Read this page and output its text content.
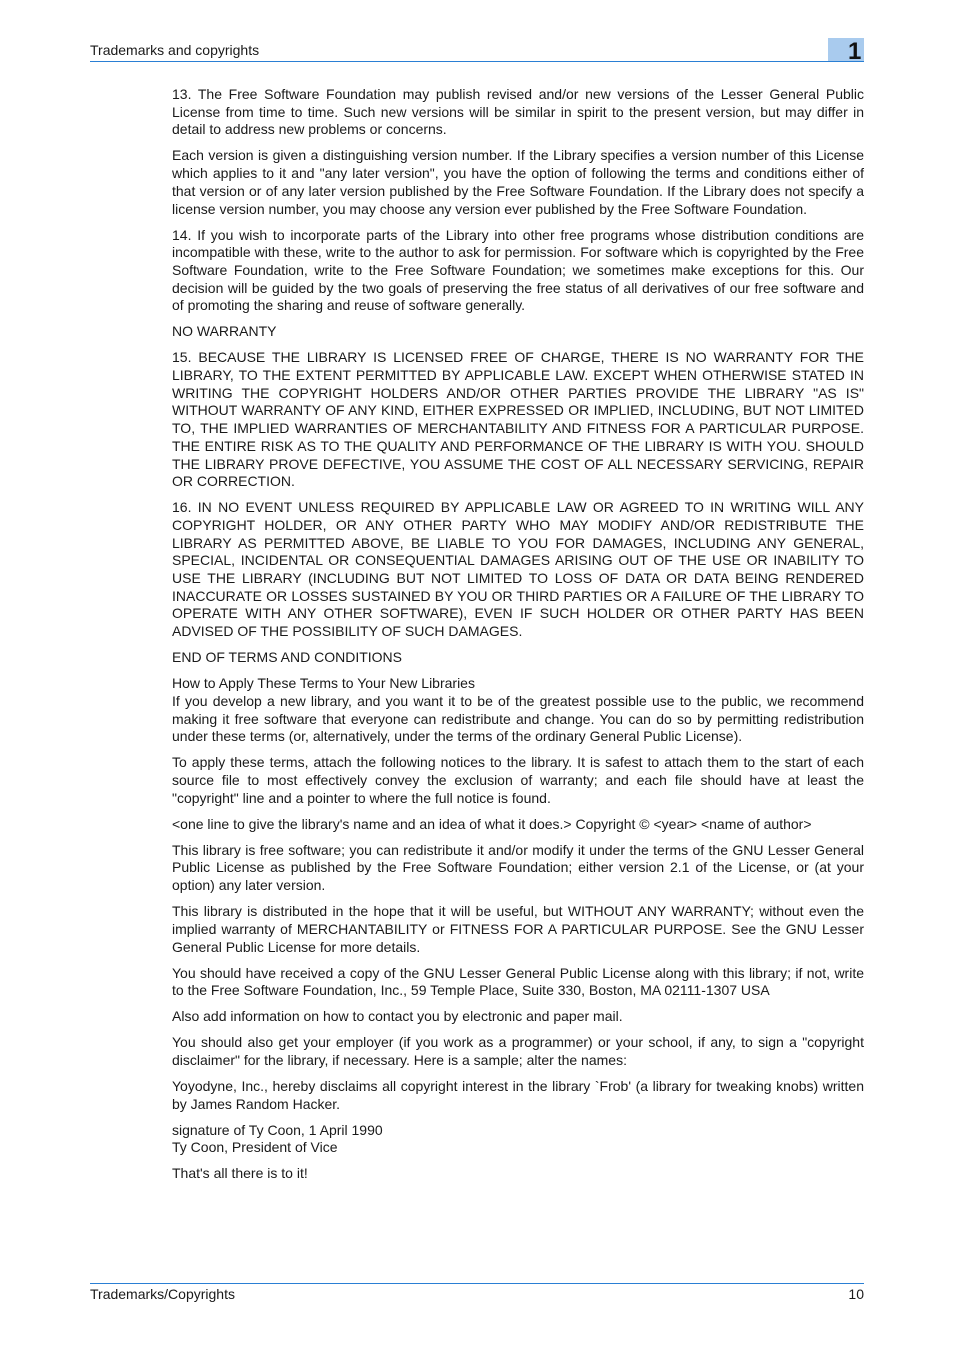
Trademarks and copyrights	1

13. The Free Software Foundation may publish revised and/or new versions of the Lesser General Public License from time to time. Such new versions will be similar in spirit to the present version, but may differ in detail to address new problems or concerns.

Each version is given a distinguishing version number. If the Library specifies a version number of this License which applies to it and "any later version", you have the option of following the terms and conditions either of that version or of any later version published by the Free Software Foundation. If the Library does not specify a license version number, you may choose any version ever published by the Free Software Foundation.

14. If you wish to incorporate parts of the Library into other free programs whose distribution conditions are incompatible with these, write to the author to ask for permission. For software which is copyrighted by the Free Software Foundation, write to the Free Software Foundation; we sometimes make exceptions for this. Our decision will be guided by the two goals of preserving the free status of all derivatives of our free software and of promoting the sharing and reuse of software generally.

NO WARRANTY

15. BECAUSE THE LIBRARY IS LICENSED FREE OF CHARGE, THERE IS NO WARRANTY FOR THE LIBRARY, TO THE EXTENT PERMITTED BY APPLICABLE LAW. EXCEPT WHEN OTHERWISE STATED IN WRITING THE COPYRIGHT HOLDERS AND/OR OTHER PARTIES PROVIDE THE LIBRARY "AS IS" WITHOUT WARRANTY OF ANY KIND, EITHER EXPRESSED OR IMPLIED, INCLUDING, BUT NOT LIMITED TO, THE IMPLIED WARRANTIES OF MERCHANTABILITY AND FITNESS FOR A PARTICULAR PURPOSE. THE ENTIRE RISK AS TO THE QUALITY AND PERFORMANCE OF THE LIBRARY IS WITH YOU. SHOULD THE LIBRARY PROVE DEFECTIVE, YOU ASSUME THE COST OF ALL NECESSARY SERVICING, REPAIR OR CORRECTION.

16. IN NO EVENT UNLESS REQUIRED BY APPLICABLE LAW OR AGREED TO IN WRITING WILL ANY COPYRIGHT HOLDER, OR ANY OTHER PARTY WHO MAY MODIFY AND/OR REDISTRIBUTE THE LIBRARY AS PERMITTED ABOVE, BE LIABLE TO YOU FOR DAMAGES, INCLUDING ANY GENERAL, SPECIAL, INCIDENTAL OR CONSEQUENTIAL DAMAGES ARISING OUT OF THE USE OR INABILITY TO USE THE LIBRARY (INCLUDING BUT NOT LIMITED TO LOSS OF DATA OR DATA BEING RENDERED INACCURATE OR LOSSES SUSTAINED BY YOU OR THIRD PARTIES OR A FAILURE OF THE LIBRARY TO OPERATE WITH ANY OTHER SOFTWARE), EVEN IF SUCH HOLDER OR OTHER PARTY HAS BEEN ADVISED OF THE POSSIBILITY OF SUCH DAMAGES.

END OF TERMS AND CONDITIONS

How to Apply These Terms to Your New Libraries
If you develop a new library, and you want it to be of the greatest possible use to the public, we recommend making it free software that everyone can redistribute and change. You can do so by permitting redistribution under these terms (or, alternatively, under the terms of the ordinary General Public License).

To apply these terms, attach the following notices to the library. It is safest to attach them to the start of each source file to most effectively convey the exclusion of warranty; and each file should have at least the "copyright" line and a pointer to where the full notice is found.

<one line to give the library's name and an idea of what it does.> Copyright © <year> <name of author>

This library is free software; you can redistribute it and/or modify it under the terms of the GNU Lesser General Public License as published by the Free Software Foundation; either version 2.1 of the License, or (at your option) any later version.

This library is distributed in the hope that it will be useful, but WITHOUT ANY WARRANTY; without even the implied warranty of MERCHANTABILITY or FITNESS FOR A PARTICULAR PURPOSE. See the GNU Lesser General Public License for more details.

You should have received a copy of the GNU Lesser General Public License along with this library; if not, write to the Free Software Foundation, Inc., 59 Temple Place, Suite 330, Boston, MA 02111-1307 USA

Also add information on how to contact you by electronic and paper mail.

You should also get your employer (if you work as a programmer) or your school, if any, to sign a "copyright disclaimer" for the library, if necessary. Here is a sample; alter the names:

Yoyodyne, Inc., hereby disclaims all copyright interest in the library `Frob' (a library for tweaking knobs) written by James Random Hacker.

signature of Ty Coon, 1 April 1990
Ty Coon, President of Vice

That's all there is to it!

Trademarks/Copyrights	10
